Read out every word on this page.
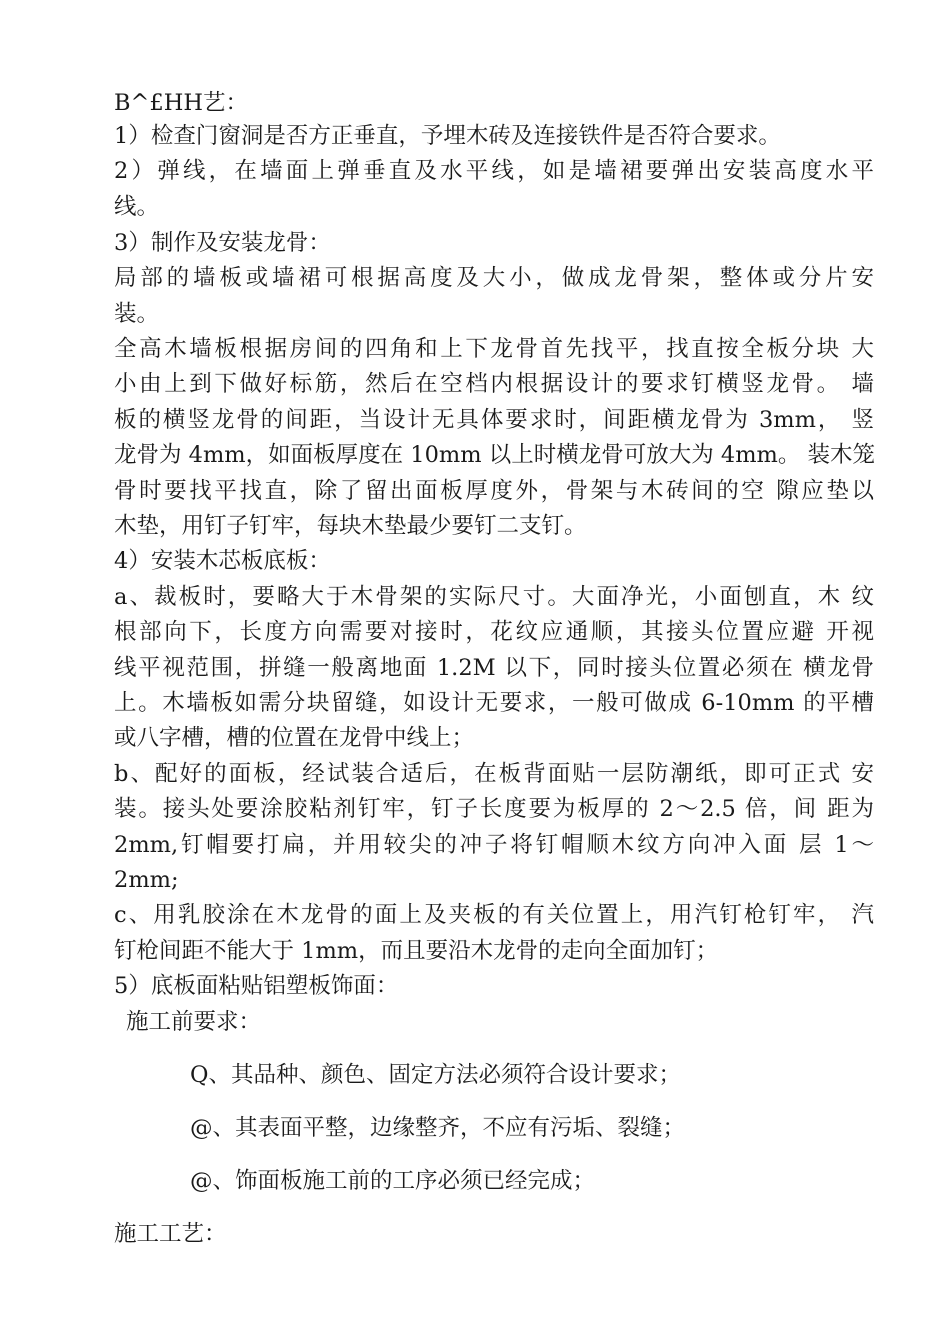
B^£HH艺：
1）检查门窗洞是否方正垂直，予埋木砖及连接铁件是否符合要求。
2）弹线，在墙面上弹垂直及水平线，如是墙裙要弹出安装高度水平
线。
3）制作及安装龙骨：
局部的墙板或墙裙可根据高度及大小，做成龙骨架，整体或分片安
装。
全高木墙板根据房间的四角和上下龙骨首先找平，找直按全板分块 大
小由上到下做好标筋，然后在空档内根据设计的要求钉横竖龙骨。 墙
板的横竖龙骨的间距，当设计无具体要求时，间距横龙骨为 3mm， 竖
龙骨为 4mm，如面板厚度在 10mm 以上时横龙骨可放大为 4mm。 装木笼
骨时要找平找直，除了留出面板厚度外，骨架与木砖间的空 隙应垫以
木垫，用钉子钉牢，每块木垫最少要钉二支钉。
4）安装木芯板底板：
a、裁板时，要略大于木骨架的实际尺寸。大面净光，小面刨直，木 纹
根部向下，长度方向需要对接时，花纹应通顺，其接头位置应避 开视
线平视范围，拼缝一般离地面 1.2M 以下，同时接头位置必须在 横龙骨
上。木墙板如需分块留缝，如设计无要求，一般可做成 6-10mm 的平槽
或八字槽，槽的位置在龙骨中线上；
b、配好的面板，经试装合适后，在板背面贴一层防潮纸，即可正式 安
装。接头处要涂胶粘剂钉牢，钉子长度要为板厚的 2〜2.5 倍，间 距为
2mm,钉帽要打扁，并用较尖的冲子将钉帽顺木纹方向冲入面 层 1〜
2mm;
c、用乳胶涂在木龙骨的面上及夹板的有关位置上，用汽钉枪钉牢， 汽
钉枪间距不能大于 1mm，而且要沿木龙骨的走向全面加钉；
5）底板面粘贴铝塑板饰面：
施工前要求：
Q、其品种、颜色、固定方法必须符合设计要求；
@、其表面平整，边缘整齐，不应有污垢、裂缝；
@、饰面板施工前的工序必须已经完成；
施工工艺：
